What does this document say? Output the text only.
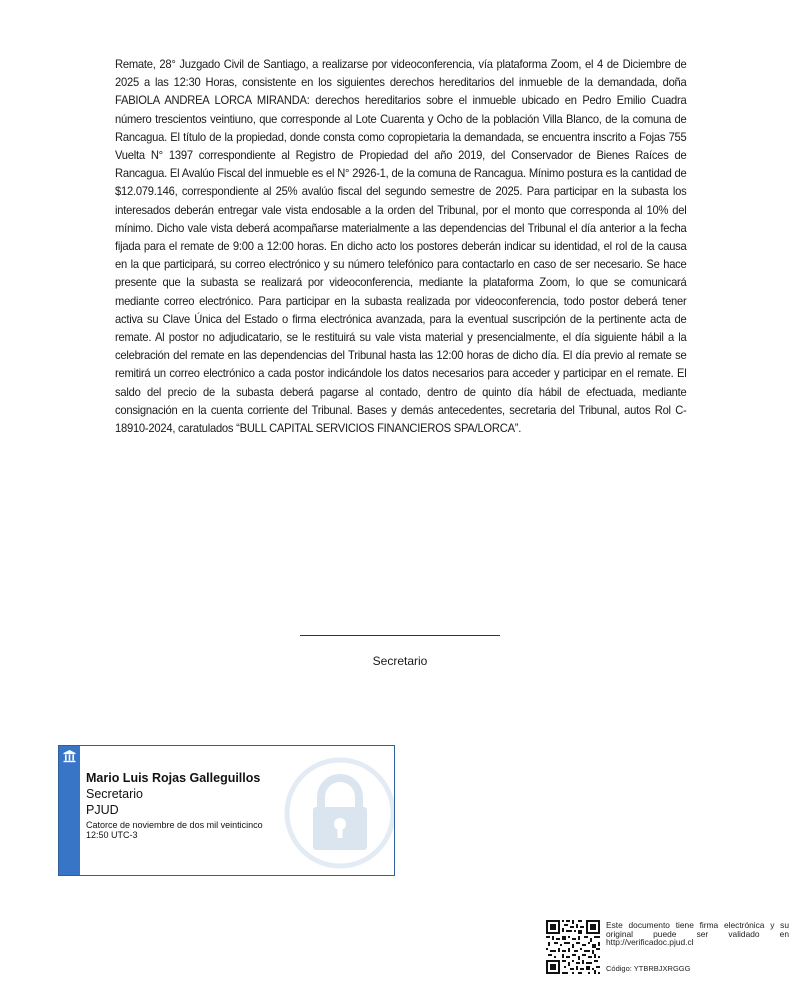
Remate, 28° Juzgado Civil de Santiago, a realizarse por videoconferencia, vía plataforma Zoom, el 4 de Diciembre de 2025 a las 12:30 Horas, consistente en los siguientes derechos hereditarios del inmueble de la demandada, doña FABIOLA ANDREA LORCA MIRANDA: derechos hereditarios sobre el inmueble ubicado en Pedro Emilio Cuadra número trescientos veintiuno, que corresponde al Lote Cuarenta y Ocho de la población Villa Blanco, de la comuna de Rancagua. El título de la propiedad, donde consta como copropietaria la demandada, se encuentra inscrito a Fojas 755 Vuelta N° 1397 correspondiente al Registro de Propiedad del año 2019, del Conservador de Bienes Raíces de Rancagua. El Avalúo Fiscal del inmueble es el N° 2926-1, de la comuna de Rancagua. Mínimo postura es la cantidad de $12.079.146, correspondiente al 25% avalúo fiscal del segundo semestre de 2025. Para participar en la subasta los interesados deberán entregar vale vista endosable a la orden del Tribunal, por el monto que corresponda al 10% del mínimo. Dicho vale vista deberá acompañarse materialmente a las dependencias del Tribunal el día anterior a la fecha fijada para el remate de 9:00 a 12:00 horas. En dicho acto los postores deberán indicar su identidad, el rol de la causa en la que participará, su correo electrónico y su número telefónico para contactarlo en caso de ser necesario. Se hace presente que la subasta se realizará por videoconferencia, mediante la plataforma Zoom, lo que se comunicará mediante correo electrónico. Para participar en la subasta realizada por videoconferencia, todo postor deberá tener activa su Clave Única del Estado o firma electrónica avanzada, para la eventual suscripción de la pertinente acta de remate. Al postor no adjudicatario, se le restituirá su vale vista material y presencialmente, el día siguiente hábil a la celebración del remate en las dependencias del Tribunal hasta las 12:00 horas de dicho día. El día previo al remate se remitirá un correo electrónico a cada postor indicándole los datos necesarios para acceder y participar en el remate. El saldo del precio de la subasta deberá pagarse al contado, dentro de quinto día hábil de efectuada, mediante consignación en la cuenta corriente del Tribunal. Bases y demás antecedentes, secretaria del Tribunal, autos Rol C-18910-2024, caratulados “BULL CAPITAL SERVICIOS FINANCIEROS SPA/LORCA”.
Secretario
Mario Luis Rojas Galleguillos
Secretario
PJUD
Catorce de noviembre de dos mil veinticinco
12:50 UTC-3
Este documento tiene firma electrónica y su original puede ser validado en http://verificadoc.pjud.cl
Código: YTBRBJXRGGG
